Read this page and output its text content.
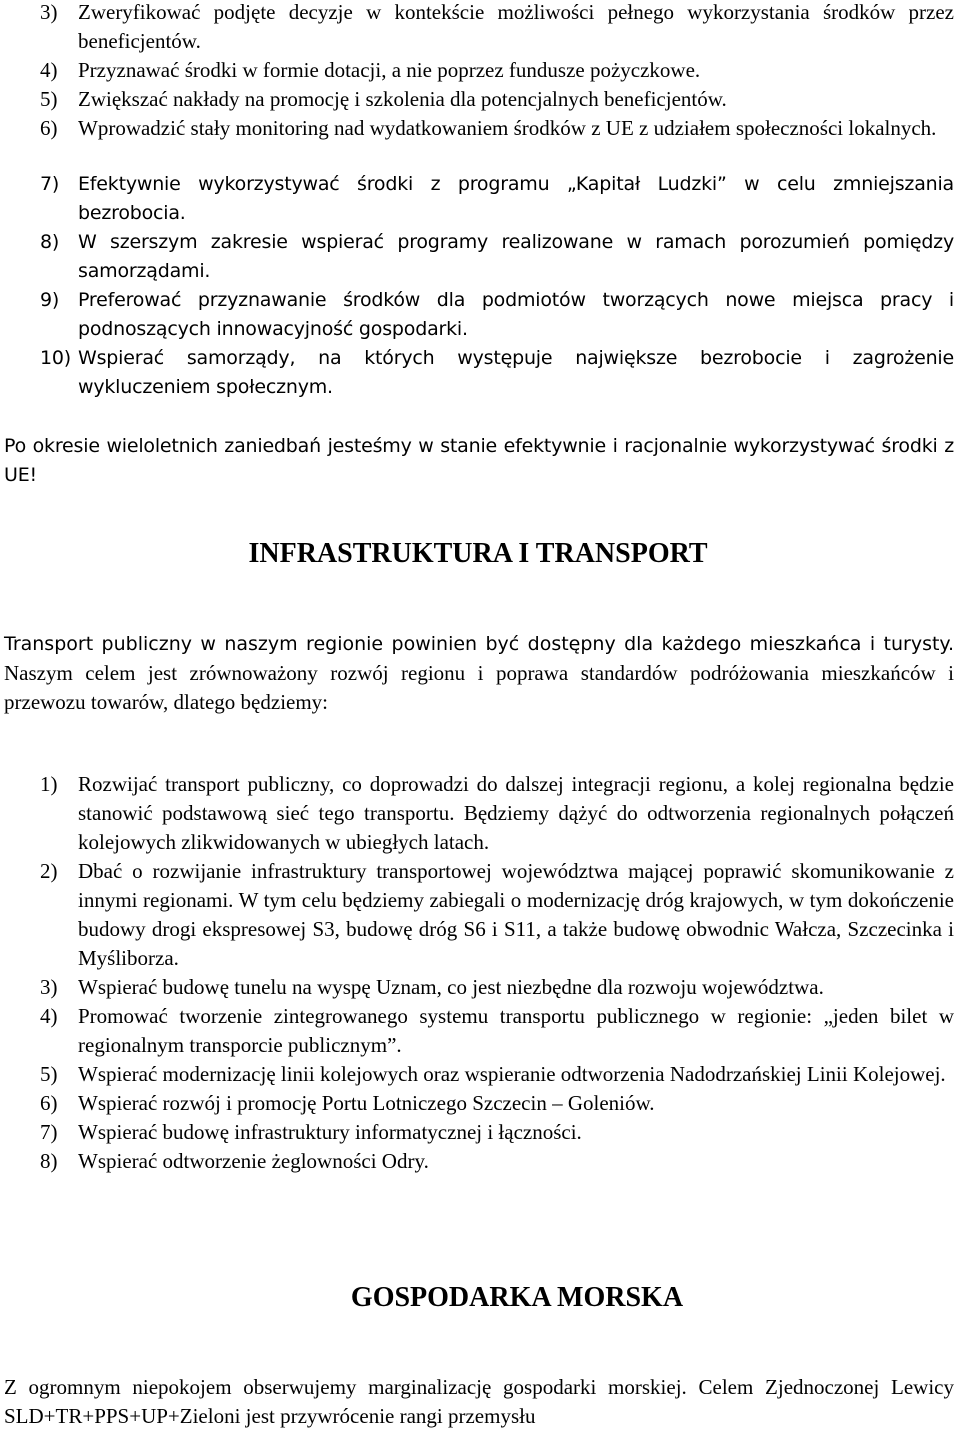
3) Zweryfikować podjęte decyzje w kontekście możliwości pełnego wykorzystania środków przez beneficjentów.
4) Przyznawać środki w formie dotacji, a nie poprzez fundusze pożyczkowe.
5) Zwiększać nakłady na promocję i szkolenia dla potencjalnych beneficjentów.
6) Wprowadzić stały monitoring nad wydatkowaniem środków z UE z udziałem społeczności lokalnych.
7) Efektywnie wykorzystywać środki z programu „Kapitał Ludzki” w celu zmniejszania bezrobocia.
8) W szerszym zakresie wspierać programy realizowane w ramach porozumień pomiędzy samorządami.
9) Preferować przyznawanie środków dla podmiotów tworzących nowe miejsca pracy i podnoszących innowacyjność gospodarki.
10) Wspierać samorządy, na których występuje największe bezrobocie i zagrożenie wykluczeniem społecznym.

Po okresie wieloletnich zaniedbań jesteśmy w stanie efektywnie i racjonalnie wykorzystywać środki z UE!

INFRASTRUKTURA I TRANSPORT

Transport publiczny w naszym regionie powinien być dostępny dla każdego mieszkańca i turysty. Naszym celem jest zrównoważony rozwój regionu i poprawa standardów podróżowania mieszkańców i przewozu towarów, dlatego będziemy:

1) Rozwijać transport publiczny, co doprowadzi do dalszej integracji regionu, a kolej regionalna będzie stanowić podstawową sieć tego transportu. Będziemy dążyć do odtworzenia regionalnych połączeń kolejowych zlikwidowanych w ubiegłych latach.
2) Dbać o rozwijanie infrastruktury transportowej województwa mającej poprawić skomunikowanie z innymi regionami. W tym celu będziemy zabiegali o modernizację dróg krajowych, w tym dokończenie budowy drogi ekspresowej S3, budowę dróg S6 i S11, a także budowę obwodnic Wałcza, Szczecinka i Myśliborza.
3) Wspierać budowę tunelu na wyspę Uznam, co jest niezbędne dla rozwoju województwa.
4) Promować tworzenie zintegrowanego systemu transportu publicznego w regionie: „jeden bilet w regionalnym transporcie publicznym”.
5) Wspierać modernizację linii kolejowych oraz wspieranie odtworzenia Nadodrzańskiej Linii Kolejowej.
6) Wspierać rozwój i promocję Portu Lotniczego Szczecin – Goleniów.
7) Wspierać budowę infrastruktury informatycznej i łączności.
8) Wspierać odtworzenie żeglowności Odry.
GOSPODARKA MORSKA

Z ogromnym niepokojem obserwujemy marginalizację gospodarki morskiej. Celem Zjednoczonej Lewicy SLD+TR+PPS+UP+Zieloni jest przywrócenie rangi przemysłu
